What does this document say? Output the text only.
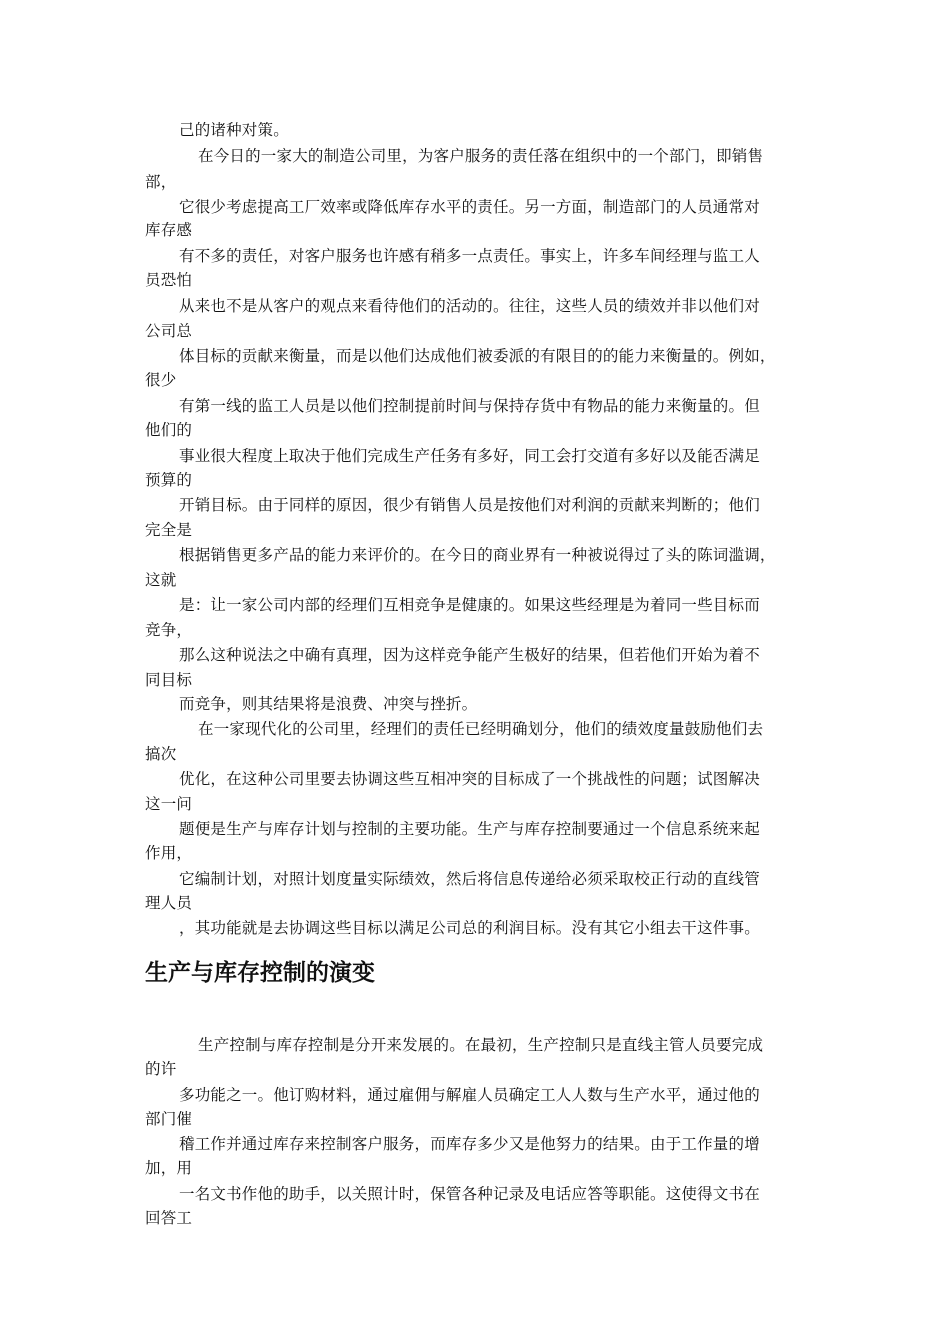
己的诸种对策。
在今日的一家大的制造公司里，为客户服务的责任落在组织中的一个部门，即销售
部，
它很少考虑提高工厂效率或降低库存水平的责任。另一方面，制造部门的人员通常对
库存感
有不多的责任，对客户服务也许感有稍多一点责任。事实上，许多车间经理与监工人
员恐怕
从来也不是从客户的观点来看待他们的活动的。往往，这些人员的绩效并非以他们对
公司总
体目标的贡献来衡量，而是以他们达成他们被委派的有限目的的能力来衡量的。例如，
很少
有第一线的监工人员是以他们控制提前时间与保持存货中有物品的能力来衡量的。但
他们的
事业很大程度上取决于他们完成生产任务有多好，同工会打交道有多好以及能否满足
预算的
开销目标。由于同样的原因，很少有销售人员是按他们对利润的贡献来判断的；他们
完全是
根据销售更多产品的能力来评价的。在今日的商业界有一种被说得过了头的陈词滥调，
这就
是：让一家公司内部的经理们互相竞争是健康的。如果这些经理是为着同一些目标而
竞争，
那么这种说法之中确有真理，因为这样竞争能产生极好的结果，但若他们开始为着不
同目标
而竞争，则其结果将是浪费、冲突与挫折。
在一家现代化的公司里，经理们的责任已经明确划分，他们的绩效度量鼓励他们去
搞次
优化，在这种公司里要去协调这些互相冲突的目标成了一个挑战性的问题；试图解决
这一问
题便是生产与库存计划与控制的主要功能。生产与库存控制要通过一个信息系统来起
作用，
它编制计划，对照计划度量实际绩效，然后将信息传递给必须采取校正行动的直线管
理人员
，其功能就是去协调这些目标以满足公司总的利润目标。没有其它小组去干这件事。
生产与库存控制的演变
生产控制与库存控制是分开来发展的。在最初，生产控制只是直线主管人员要完成
的许
多功能之一。他订购材料，通过雇佣与解雇人员确定工人人数与生产水平，通过他的
部门催
稽工作并通过库存来控制客户服务，而库存多少又是他努力的结果。由于工作量的增
加，用
一名文书作他的助手，以关照计时，保管各种记录及电话应答等职能。这使得文书在
回答工
